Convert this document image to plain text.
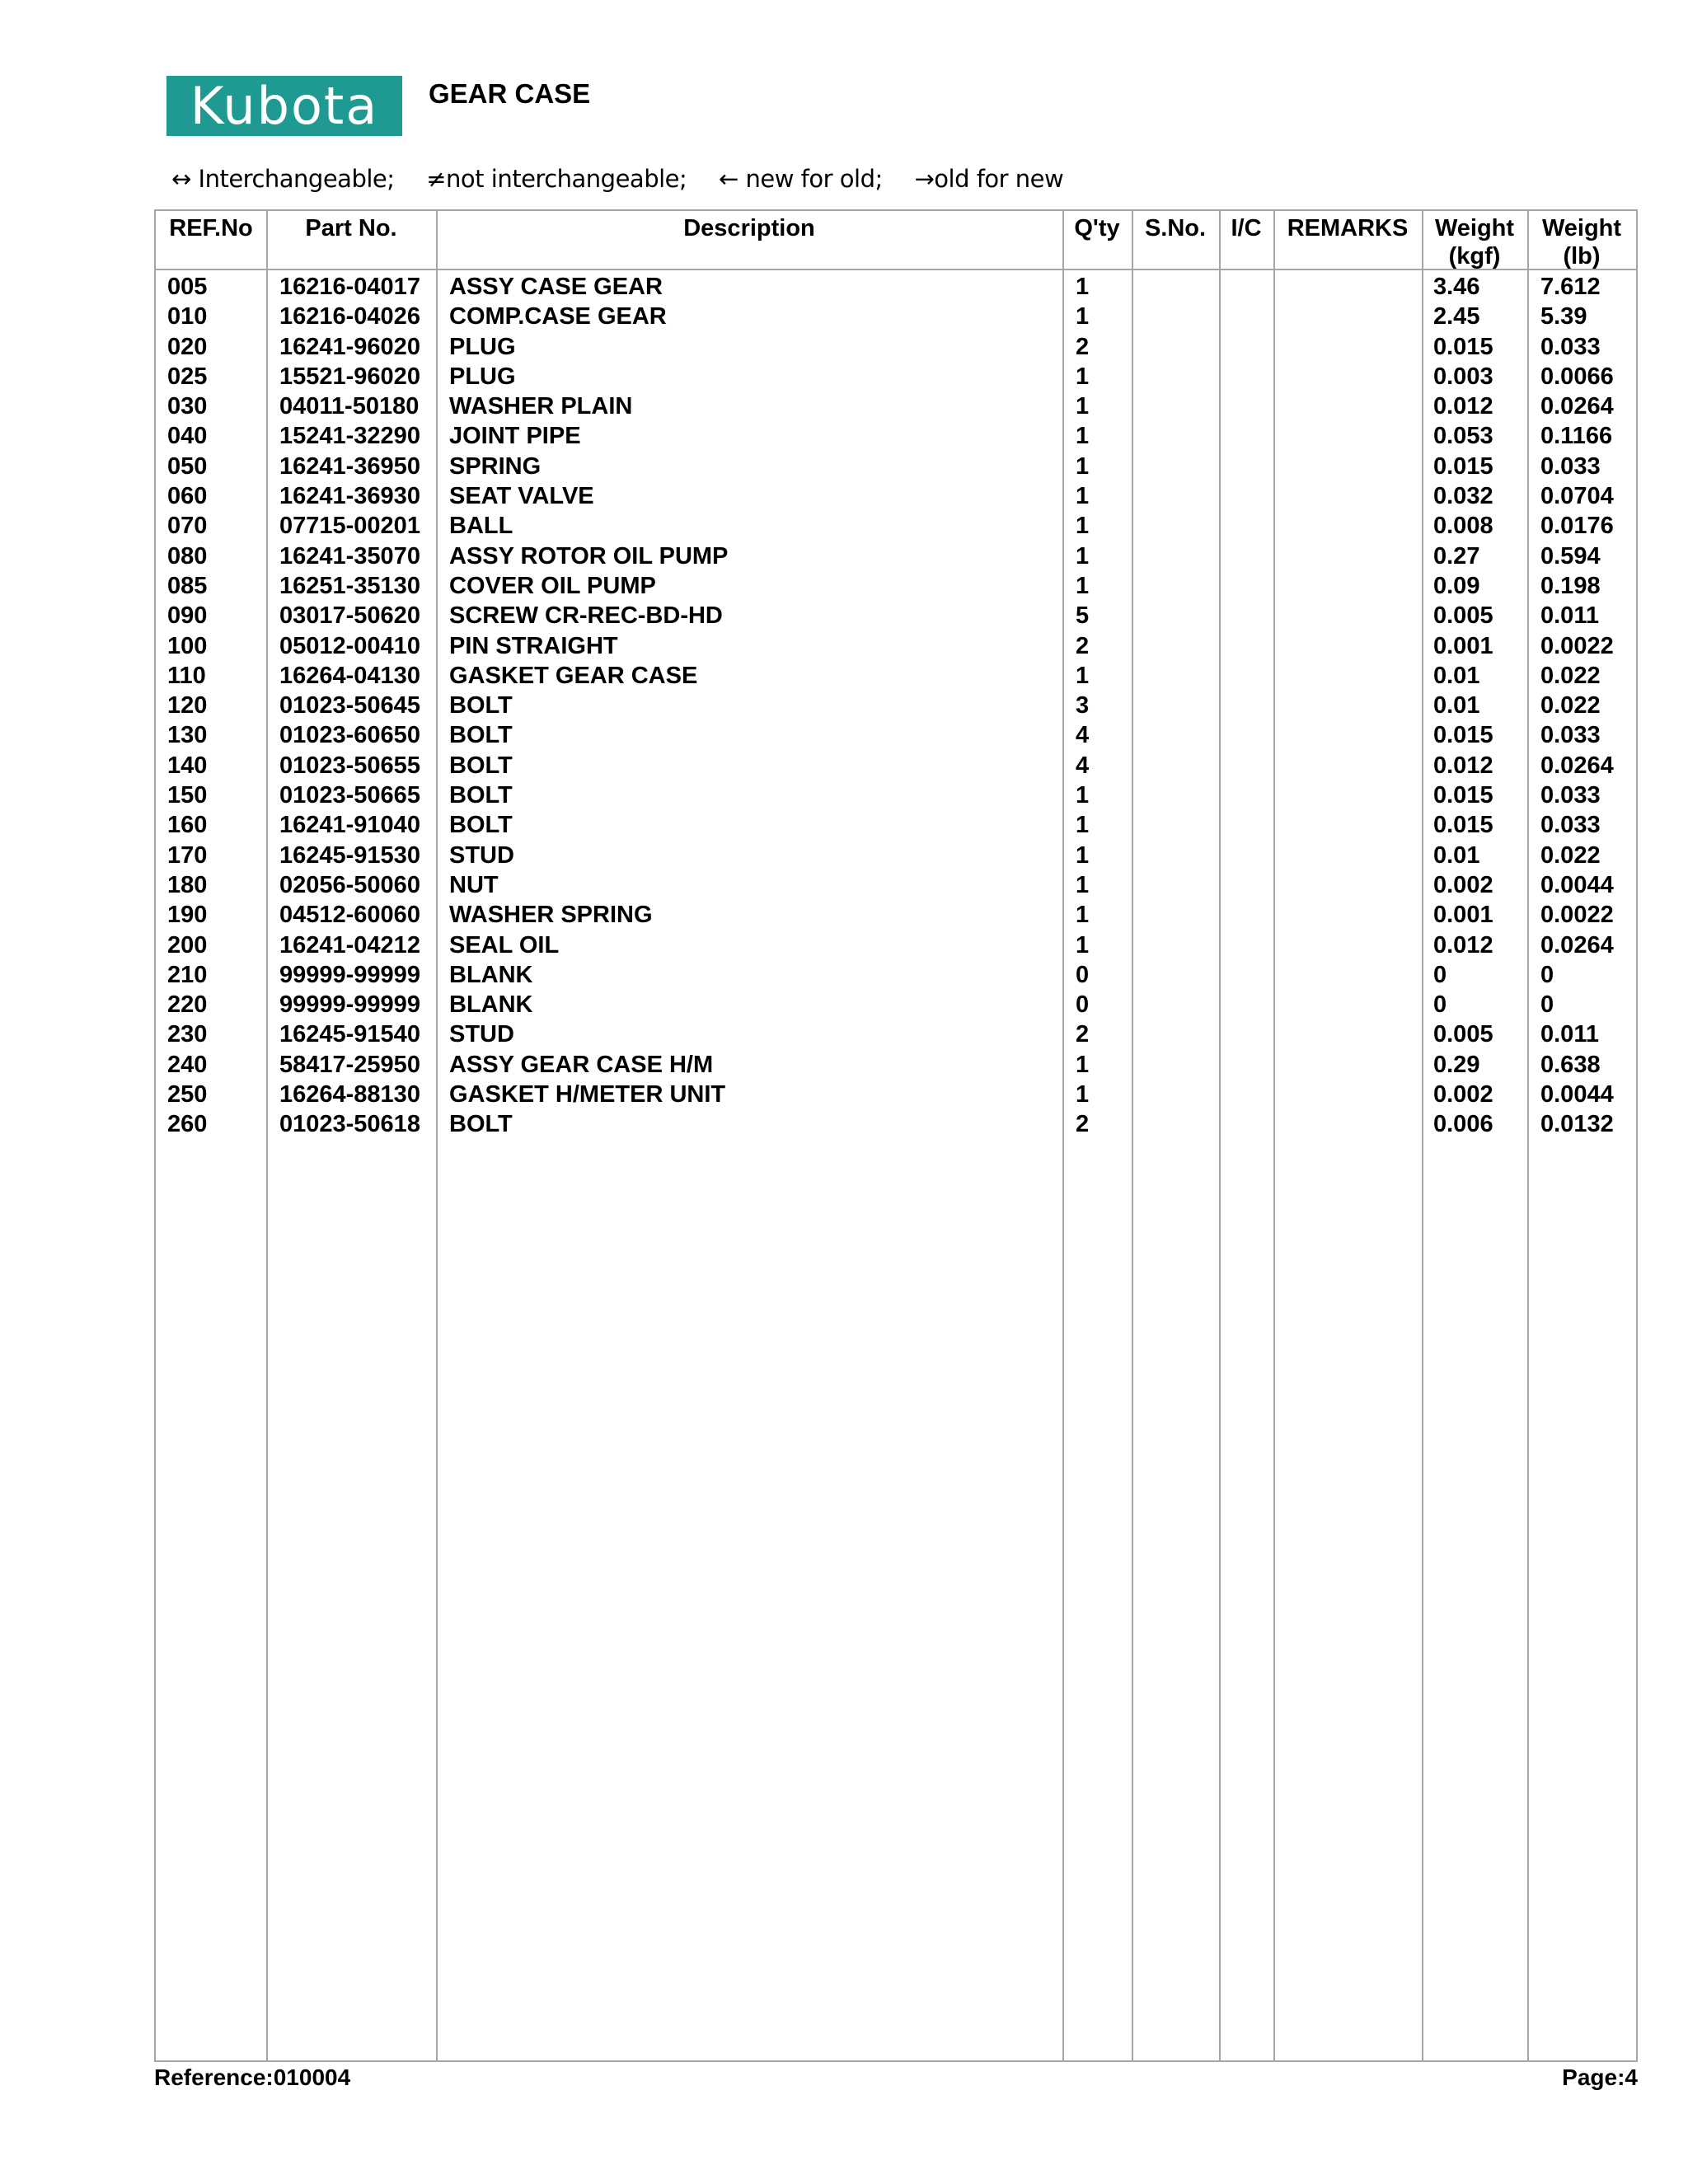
Kubota GEAR CASE
↔ Interchangeable; ≠not interchangeable; ← new for old; →old for new
REF.No	Part No.	Description	Q'ty	S.No.	I/C	REMARKS	Weight
(kgf)
Weight
(lb)
005	16216-04017 ASSY CASE GEAR	1	3.46	7.612
010	16216-04026 COMP.CASE GEAR	1	2.45	5.39
020	16241-96020 PLUG	2	0.015 0.033
025	15521-96020 PLUG	1	0.003 0.0066
030	04011-50180 WASHER PLAIN	1	0.012 0.0264
040	15241-32290 JOINT PIPE	1	0.053 0.1166
050	16241-36950 SPRING	1	0.015 0.033
060	16241-36930 SEAT VALVE	1	0.032 0.0704
070	07715-00201 BALL	1	0.008 0.0176
080	16241-35070 ASSY ROTOR OIL PUMP	1	0.27	0.594
085	16251-35130 COVER OIL PUMP	1	0.09	0.198
090	03017-50620 SCREW CR-REC-BD-HD	5	0.005 0.011
100	05012-00410 PIN STRAIGHT	2	0.001 0.0022
110	16264-04130 GASKET GEAR CASE	1	0.01	0.022
120	01023-50645 BOLT	3	0.01	0.022
130	01023-60650 BOLT	4	0.015 0.033
140	01023-50655 BOLT	4	0.012 0.0264
150	01023-50665 BOLT	1	0.015 0.033
160	16241-91040 BOLT	1	0.015 0.033
170	16245-91530 STUD	1	0.01	0.022
180	02056-50060 NUT	1	0.002 0.0044
190	04512-60060 WASHER SPRING	1	0.001 0.0022
200	16241-04212 SEAL OIL	1	0.012 0.0264
210	99999-99999 BLANK	0	0	0
220	99999-99999 BLANK	0	0	0
230	16245-91540 STUD	2	0.005 0.011
240	58417-25950 ASSY GEAR CASE H/M	1	0.29	0.638
250	16264-88130 GASKET H/METER UNIT	1	0.002 0.0044
260	01023-50618 BOLT	2	0.006 0.0132
Reference:010004	Page:4
